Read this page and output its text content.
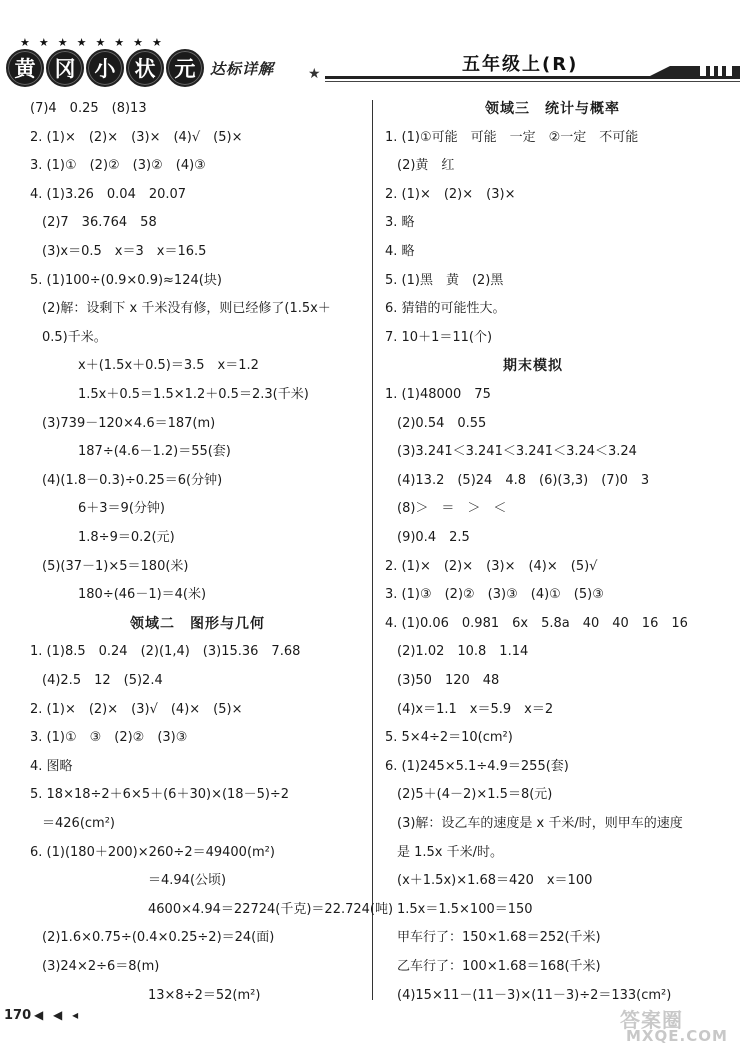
★★★★★★★★
黄 冈 小 状 元 达标详解 ★	五年级上(R)
(7)4　0.25　(8)13
2. (1)×　(2)×　(3)×　(4)√　(5)×
3. (1)①　(2)②　(3)②　(4)③
4. (1)3.26　0.04　20.07
(2)7　36.764　58
(3)x＝0.5　x＝3　x＝16.5
5. (1)100÷(0.9×0.9)≈124(块)
(2)解：设剩下 x 千米没有修，则已经修了(1.5x＋
0.5)千米。
x＋(1.5x＋0.5)＝3.5　x＝1.2
1.5x＋0.5＝1.5×1.2＋0.5＝2.3(千米)
(3)739－120×4.6＝187(m)
187÷(4.6－1.2)＝55(套)
(4)(1.8－0.3)÷0.25＝6(分钟)
6＋3＝9(分钟)
1.8÷9＝0.2(元)
(5)(37－1)×5＝180(米)
180÷(46－1)＝4(米)
领域二　图形与几何
1. (1)8.5　0.24　(2)(1,4)　(3)15.36　7.68
(4)2.5　12　(5)2.4
2. (1)×　(2)×　(3)√　(4)×　(5)×
3. (1)①　③　(2)②　(3)③
4. 图略
5. 18×18÷2＋6×5＋(6＋30)×(18－5)÷2
＝426(cm²)
6. (1)(180＋200)×260÷2＝49400(m²)
＝4.94(公顷)
4600×4.94＝22724(千克)＝22.724(吨)
(2)1.6×0.75÷(0.4×0.25÷2)＝24(面)
(3)24×2÷6＝8(m)
13×8÷2＝52(m²)
领域三　统计与概率
1. (1)①可能　可能　一定　②一定　不可能
(2)黄　红
2. (1)×　(2)×　(3)×
3. 略
4. 略
5. (1)黑　黄　(2)黑
6. 猜错的可能性大。
7. 10＋1＝11(个)
期末模拟
1. (1)48000　75
(2)0.5̇4̇　0.55
(3)3.24̇1̇＜3.2̇41̇＜3.24̇1̇＜3.2̇4̇＜3.24̇
(4)13.2　(5)24　4.8　(6)(3,3)　(7)0　3
(8)＞　＝　＞　＜
(9)0.4　2.5
2. (1)×　(2)×　(3)×　(4)×　(5)√
3. (1)③　(2)②　(3)③　(4)①　(5)③
4. (1)0.06　0.981　6x　5.8a　40　40　16　16
(2)1.02　10.8　1.14
(3)50　120　48
(4)x＝1.1　x＝5.9　x＝2
5. 5×4÷2＝10(cm²)
6. (1)245×5.1÷4.9＝255(套)
(2)5＋(4－2)×1.5＝8(元)
(3)解：设乙车的速度是 x 千米/时，则甲车的速度
是 1.5x 千米/时。
(x＋1.5x)×1.68＝420　x＝100
1.5x＝1.5×100＝150
甲车行了：150×1.68＝252(千米)
乙车行了：100×1.68＝168(千米)
(4)15×11－(11－3)×(11－3)÷2＝133(cm²)
170 ◀ ◀ ◂	答案圈
MXQE.COM
